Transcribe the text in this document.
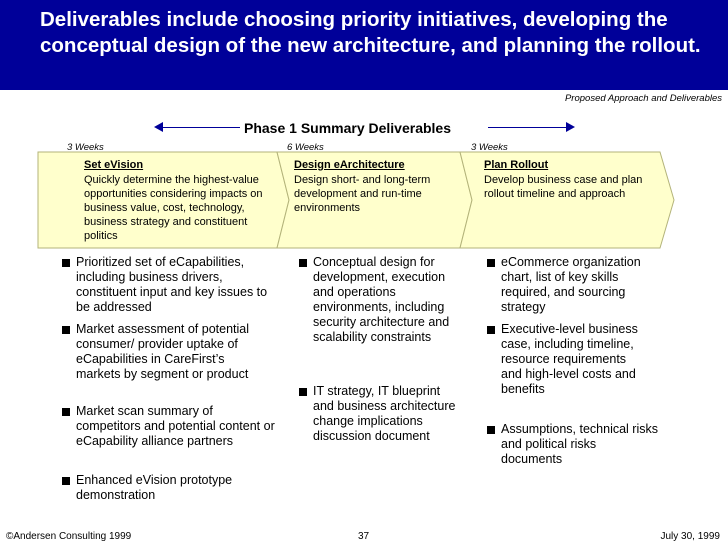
Deliverables include choosing priority initiatives, developing the conceptual design of the new architecture, and planning the rollout.
Proposed Approach and Deliverables
Phase 1 Summary Deliverables
3 Weeks	6 Weeks	3 Weeks
Set eVision
Quickly determine the highest-value opportunities considering impacts on business value, cost, technology, business strategy and constituent politics
Design eArchitecture
Design short- and long-term development and run-time environments
Plan Rollout
Develop business case and plan rollout timeline and approach
Prioritized set of eCapabilities, including business drivers, constituent input and key issues to be addressed
Market assessment of potential consumer/ provider uptake of eCapabilities in CareFirst’s markets by segment or product
Market scan summary of competitors and potential content or eCapability alliance partners
Enhanced eVision prototype demonstration
Conceptual design for development, execution and operations environments, including security architecture and scalability constraints
IT strategy, IT blueprint and business architecture change implications discussion document
eCommerce organization chart, list of key skills required, and sourcing strategy
Executive-level business case, including timeline, resource requirements and high-level costs and benefits
Assumptions, technical risks and political risks documents
©Andersen Consulting 1999	37	July 30, 1999
